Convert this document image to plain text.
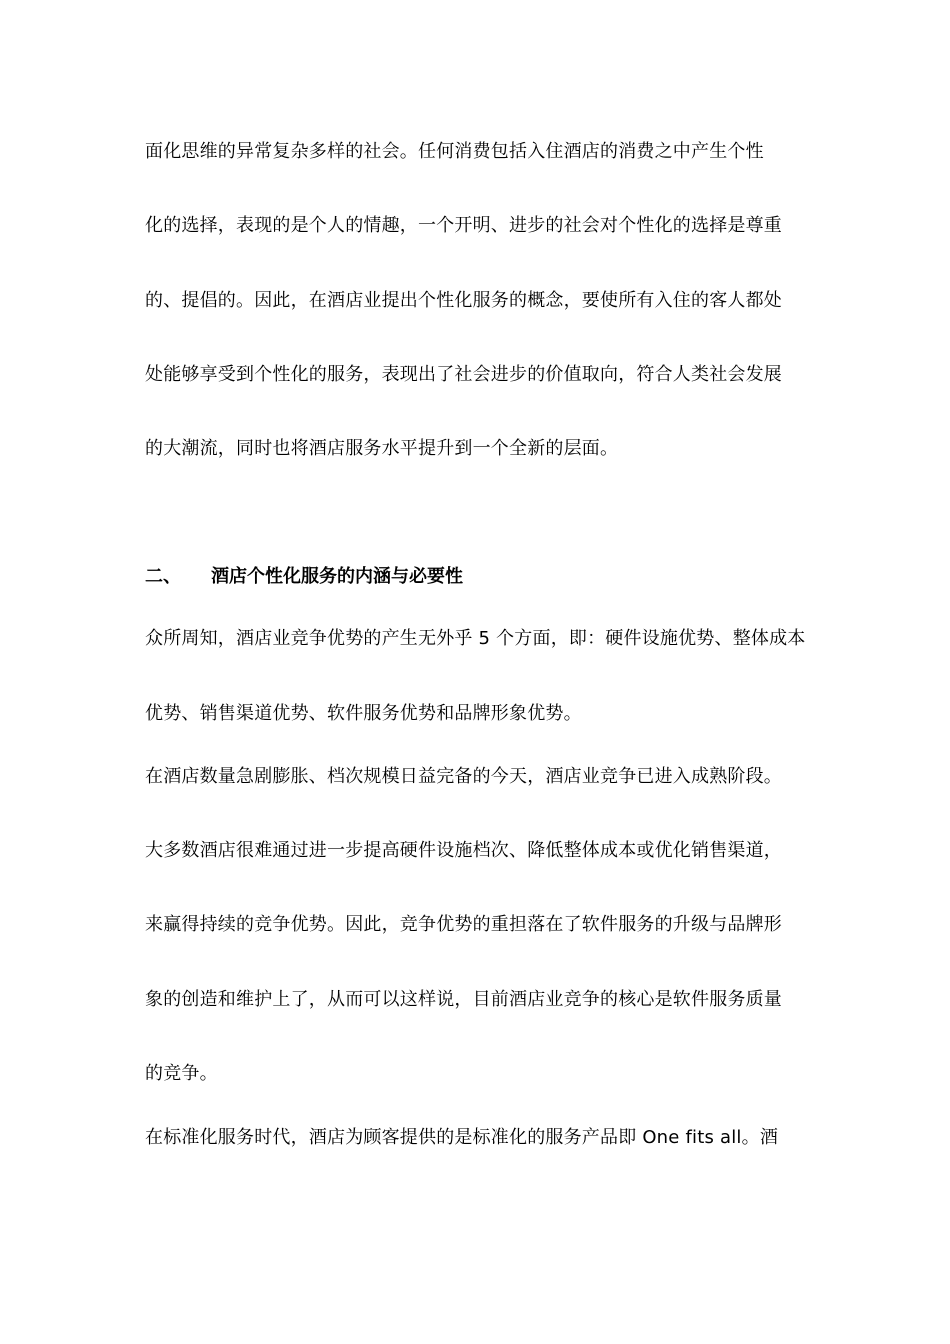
面化思维的异常复杂多样的社会。任何消费包括入住酒店的消费之中产生个性
化的选择，表现的是个人的情趣，一个开明、进步的社会对个性化的选择是尊重
的、提倡的。因此，在酒店业提出个性化服务的概念，要使所有入住的客人都处
处能够享受到个性化的服务，表现出了社会进步的价值取向，符合人类社会发展
的大潮流，同时也将酒店服务水平提升到一个全新的层面。
二、 酒店个性化服务的内涵与必要性
众所周知，酒店业竞争优势的产生无外乎 5 个方面，即：硬件设施优势、整体成本
优势、销售渠道优势、软件服务优势和品牌形象优势。
在酒店数量急剧膨胀、档次规模日益完备的今天，酒店业竞争已进入成熟阶段。
大多数酒店很难通过进一步提高硬件设施档次、降低整体成本或优化销售渠道，
来赢得持续的竞争优势。因此，竞争优势的重担落在了软件服务的升级与品牌形
象的创造和维护上了，从而可以这样说，目前酒店业竞争的核心是软件服务质量
的竞争。
在标准化服务时代，酒店为顾客提供的是标准化的服务产品即 One fits all。酒
